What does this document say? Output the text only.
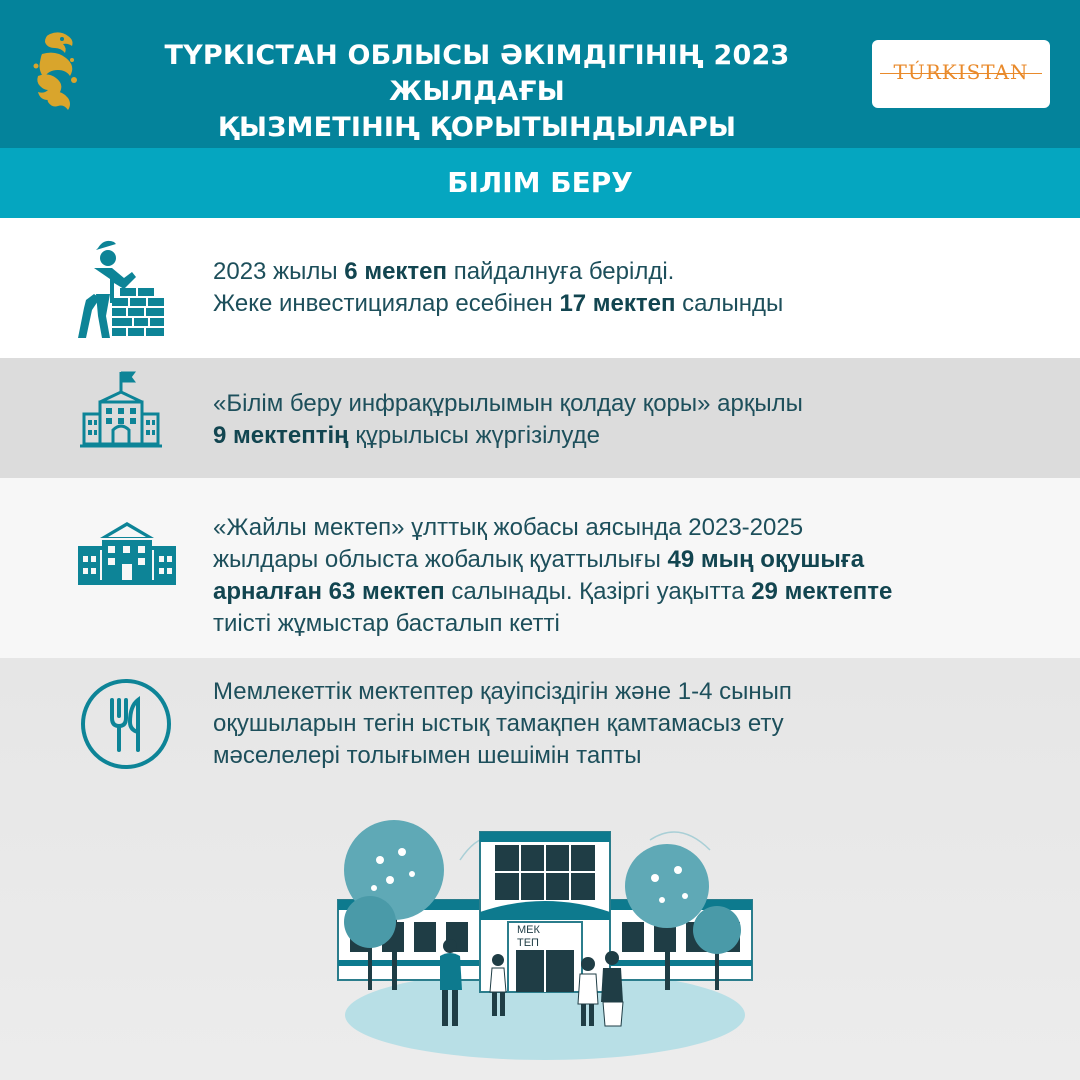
ТҮРКІСТАН ОБЛЫСЫ ӘКІМДІГІНІҢ 2023 ЖЫЛДАҒЫ
ҚЫЗМЕТІНІҢ ҚОРЫТЫНДЫЛАРЫ
TÚRKISTAN
БІЛІМ БЕРУ
2023 жылы 6 мектеп пайдалнуға берілді.
Жеке инвестициялар есебінен 17 мектеп салынды
«Білім беру инфрақұрылымын қолдау қоры» арқылы
9 мектептің құрылысы жүргізілуде
«Жайлы мектеп» ұлттық жобасы аясында 2023-2025
жылдары облыста жобалық қуаттылығы 49 мың оқушыға
арналған 63 мектеп салынады. Қазіргі уақытта 29 мектепте
тиісті жұмыстар басталып кетті
Мемлекеттік мектептер қауіпсіздігін және 1-4 сынып
оқушыларын тегін ыстық тамақпен қамтамасыз ету
мәселелері толығымен шешімін тапты
МЕК
ТЕП
